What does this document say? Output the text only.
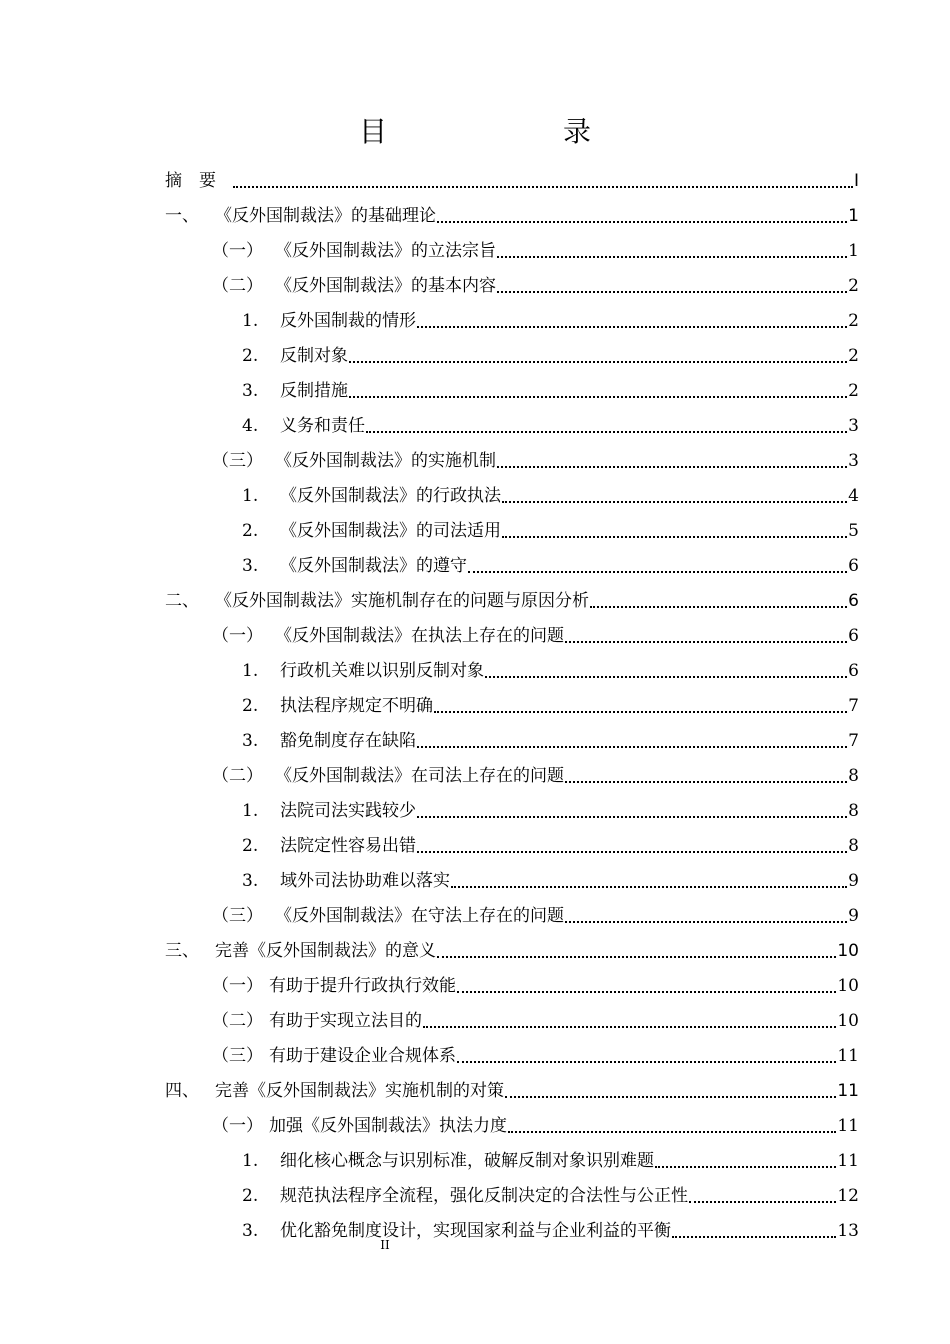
目　　录
摘　要	I
一、 《反外国制裁法》的基础理论	1
（一） 《反外国制裁法》的立法宗旨	1
（二） 《反外国制裁法》的基本内容	2
1.	反外国制裁的情形	2
2.	反制对象	2
3.	反制措施	2
4.	义务和责任	3
（三） 《反外国制裁法》的实施机制	3
1.	《反外国制裁法》的行政执法	4
2.	《反外国制裁法》的司法适用	5
3.	《反外国制裁法》的遵守	6
二、 《反外国制裁法》实施机制存在的问题与原因分析	6
（一） 《反外国制裁法》在执法上存在的问题	6
1.	行政机关难以识别反制对象	6
2.	执法程序规定不明确	7
3.	豁免制度存在缺陷	7
（二） 《反外国制裁法》在司法上存在的问题	8
1.	法院司法实践较少	8
2.	法院定性容易出错	8
3.	域外司法协助难以落实	9
（三） 《反外国制裁法》在守法上存在的问题	9
三、 完善《反外国制裁法》的意义	10
（一） 有助于提升行政执行效能	10
（二） 有助于实现立法目的	10
（三） 有助于建设企业合规体系	11
四、 完善《反外国制裁法》实施机制的对策	11
（一） 加强《反外国制裁法》执法力度	11
1.	细化核心概念与识别标准，破解反制对象识别难题	11
2.	规范执法程序全流程，强化反制决定的合法性与公正性	12
3.	优化豁免制度设计，实现国家利益与企业利益的平衡	13
II
